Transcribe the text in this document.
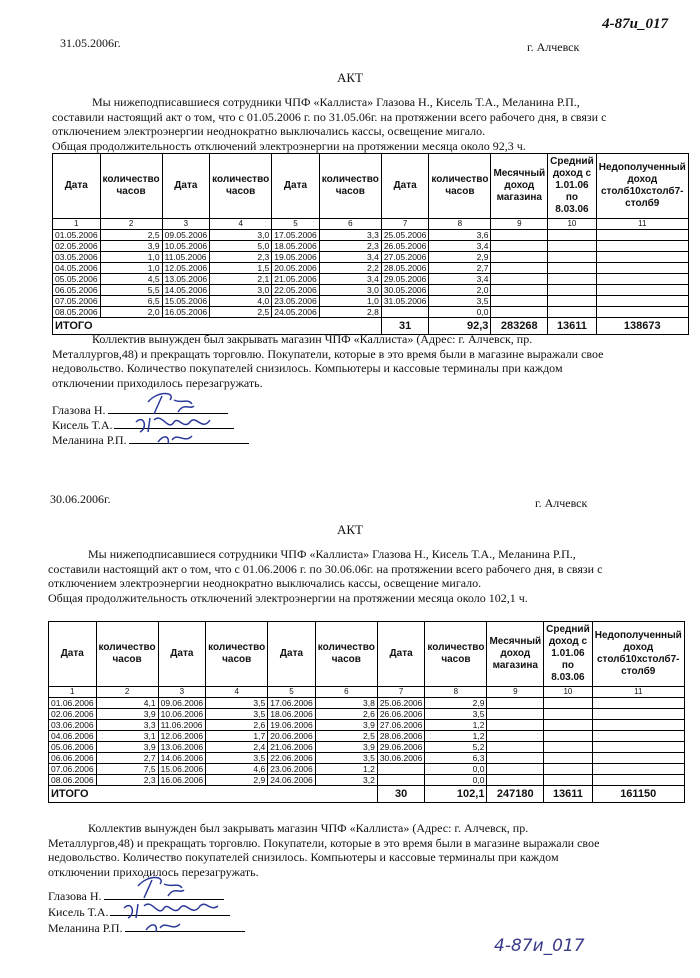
4-87и_017
31.05.2006г.	г. Алчевск
АКТ
Мы нижеподписавшиеся сотрудники ЧПФ «Каллиста» Глазова Н., Кисель Т.А., Меланина Р.П.,
составили настоящий акт о том, что с 01.05.2006 г. по 31.05.06г. на протяжении всего рабочего дня, в связи с
отключением электроэнергии неоднократно выключались кассы, освещение мигало.
Общая продолжительность отключений электроэнергии на протяжении месяца около 92,3 ч.
Дата	количество часов	Дата	количество часов	Дата	количество часов	Дата	количество часов	Месячный доход магазина	Средний доход с 1.01.06 по 8.03.06	Недополученный доход столб10хстолб7-столб9
1	2	3	4	5	6	7	8	9	10	11
01.05.2006	2,5	09.05.2006	3,0	17.05.2006	3,3	25.05.2006	3,6			
02.05.2006	3,9	10.05.2006	5,0	18.05.2006	2,3	26.05.2006	3,4			
03.05.2006	1,0	11.05.2006	2,3	19.05.2006	3,4	27.05.2006	2,9			
04.05.2006	1,0	12.05.2006	1,5	20.05.2006	2,2	28.05.2006	2,7			
05.05.2006	4,5	13.05.2006	2,1	21.05.2006	3,4	29.05.2006	3,4			
06.05.2006	5,5	14.05.2006	3,0	22.05.2006	3,0	30.05.2006	2,0			
07.05.2006	6,5	15.05.2006	4,0	23.05.2006	1,0	31.05.2006	3,5			
08.05.2006	2,0	16.05.2006	2,5	24.05.2006	2,8		0,0			
ИТОГО						31	92,3	283268	13611	138673
Коллектив вынужден был закрывать магазин ЧПФ «Каллиста» (Адрес: г. Алчевск, пр.
Металлургов,48) и прекращать торговлю. Покупатели, которые в это время были в магазине выражали свое
недовольство. Количество покупателей снизилось. Компьютеры и кассовые терминалы при каждом
отключении приходилось перезагружать.
Глазова Н.
Кисель Т.А.
Меланина Р.П.
30.06.2006г.	г. Алчевск
АКТ
Мы нижеподписавшиеся сотрудники ЧПФ «Каллиста» Глазова Н., Кисель Т.А., Меланина Р.П.,
составили настоящий акт о том, что с 01.06.2006 г. по 30.06.06г. на протяжении всего рабочего дня, в связи с
отключением электроэнергии неоднократно выключались кассы, освещение мигало.
Общая продолжительность отключений электроэнергии на протяжении месяца около 102,1 ч.
Дата	количество часов	Дата	количество часов	Дата	количество часов	Дата	количество часов	Месячный доход магазина	Средний доход с 1.01.06 по 8.03.06	Недополученный доход столб10хстолб7-столб9
1	2	3	4	5	6	7	8	9	10	11
01.06.2006	4,1	09.06.2006	3,5	17.06.2006	3,8	25.06.2006	2,9			
02.06.2006	3,9	10.06.2006	3,5	18.06.2006	2,6	26.06.2006	3,5			
03.06.2006	3,3	11.06.2006	2,6	19.06.2006	3,9	27.06.2006	1,2			
04.06.2006	3,1	12.06.2006	1,7	20.06.2006	2,5	28.06.2006	1,2			
05.06.2006	3,9	13.06.2006	2,4	21.06.2006	3,9	29.06.2006	5,2			
06.06.2006	2,7	14.06.2006	3,5	22.06.2006	3,5	30.06.2006	6,3			
07.06.2006	7,5	15.06.2006	4,6	23.06.2006	1,2		0,0			
08.06.2006	2,3	16.06.2006	2,9	24.06.2006	3,2		0,0			
ИТОГО						30	102,1	247180	13611	161150
Коллектив вынужден был закрывать магазин ЧПФ «Каллиста» (Адрес: г. Алчевск, пр.
Металлургов,48) и прекращать торговлю. Покупатели, которые в это время были в магазине выражали свое
недовольство. Количество покупателей снизилось. Компьютеры и кассовые терминалы при каждом
отключении приходилось перезагружать.
Глазова Н.
Кисель Т.А.
Меланина Р.П.
4-87и_017
